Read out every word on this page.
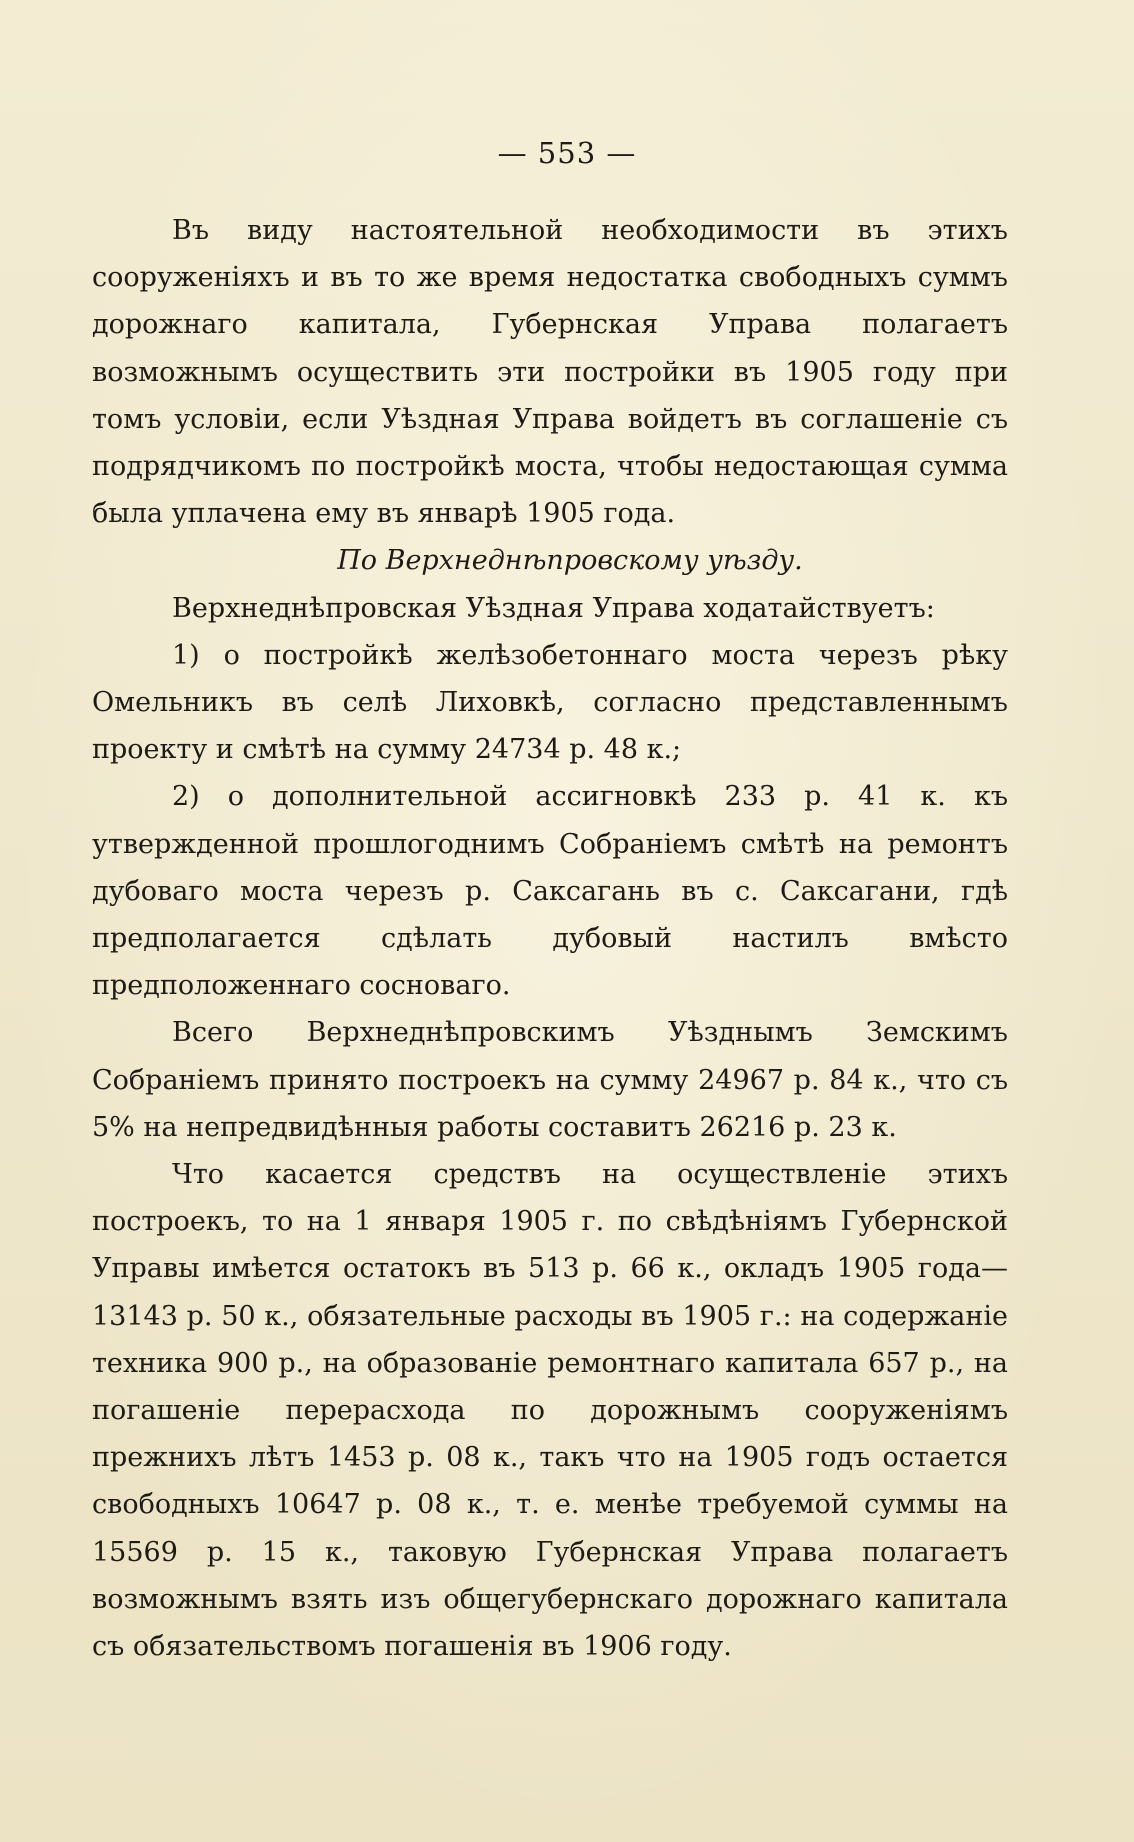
— 553 —

Въ виду настоятельной необходимости въ этихъ сооруженіяхъ и въ то же время недостатка свободныхъ суммъ дорожнаго капитала, Губернская Управа полагаетъ возможнымъ осуществить эти постройки въ 1905 году при томъ условіи, если Уѣздная Управа войдетъ въ соглашеніе съ подрядчикомъ по постройкѣ моста, чтобы недостающая сумма была уплачена ему въ январѣ 1905 года.

По Верхнеднѣпровскому уѣзду.

Верхнеднѣпровская Уѣздная Управа ходатайствуетъ:

1) о постройкѣ желѣзобетоннаго моста черезъ рѣку Омельникъ въ селѣ Лиховкѣ, согласно представленнымъ проекту и смѣтѣ на сумму 24734 р. 48 к.;

2) о дополнительной ассигновкѣ 233 р. 41 к. къ утвержденной прошлогоднимъ Собраніемъ смѣтѣ на ремонтъ дубоваго моста черезъ р. Саксагань въ с. Саксагани, гдѣ предполагается сдѣлать дубовый настилъ вмѣсто предположеннаго сосноваго.

Всего Верхнеднѣпровскимъ Уѣзднымъ Земскимъ Собраніемъ принято построекъ на сумму 24967 р. 84 к., что съ 5% на непредвидѣнныя работы составитъ 26216 р. 23 к.

Что касается средствъ на осуществленіе этихъ построекъ, то на 1 января 1905 г. по свѣдѣніямъ Губернской Управы имѣется остатокъ въ 513 р. 66 к., окладъ 1905 года— 13143 р. 50 к., обязательные расходы въ 1905 г.: на содержаніе техника 900 р., на образованіе ремонтнаго капитала 657 р., на погашеніе перерасхода по дорожнымъ сооруженіямъ прежнихъ лѣтъ 1453 р. 08 к., такъ что на 1905 годъ остается свободныхъ 10647 р. 08 к., т. е. менѣе требуемой суммы на 15569 р. 15 к., таковую Губернская Управа полагаетъ возможнымъ взять изъ общегубернскаго дорожнаго капитала съ обязательствомъ погашенія въ 1906 году.
